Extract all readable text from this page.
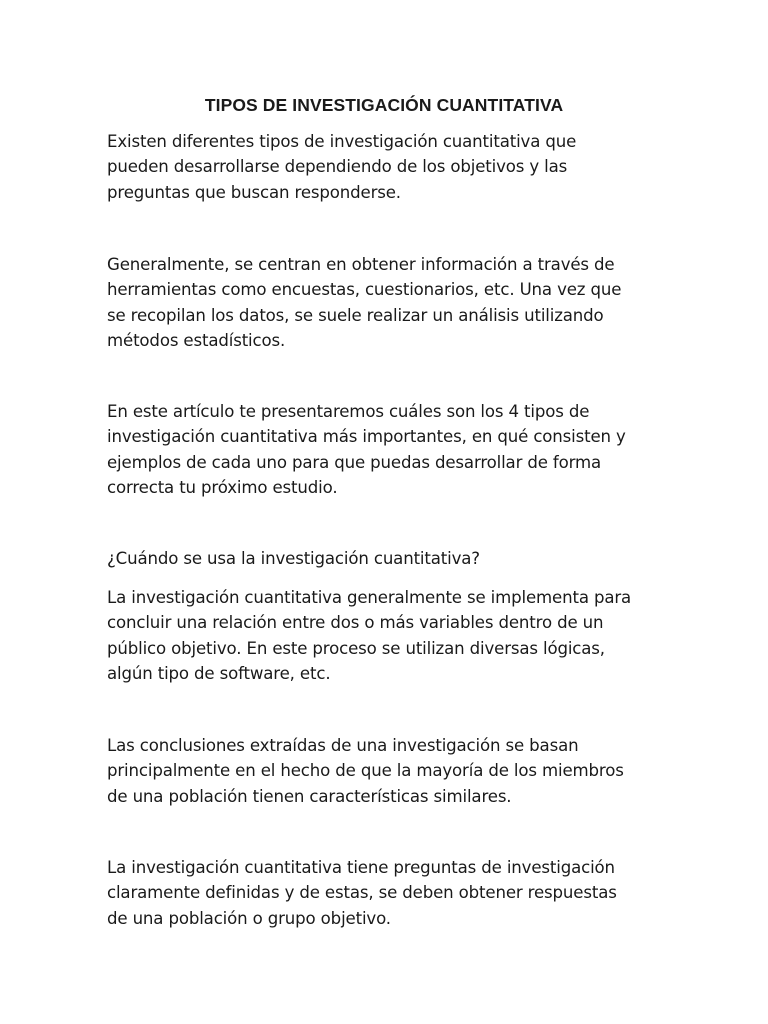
TIPOS DE INVESTIGACIÓN CUANTITATIVA

Existen diferentes tipos de investigación cuantitativa que
pueden desarrollarse dependiendo de los objetivos y las
preguntas que buscan responderse.

Generalmente, se centran en obtener información a través de
herramientas como encuestas, cuestionarios, etc. Una vez que
se recopilan los datos, se suele realizar un análisis utilizando
métodos estadísticos.

En este artículo te presentaremos cuáles son los 4 tipos de
investigación cuantitativa más importantes, en qué consisten y
ejemplos de cada uno para que puedas desarrollar de forma
correcta tu próximo estudio.

¿Cuándo se usa la investigación cuantitativa?

La investigación cuantitativa generalmente se implementa para
concluir una relación entre dos o más variables dentro de un
público objetivo. En este proceso se utilizan diversas lógicas,
algún tipo de software, etc.

Las conclusiones extraídas de una investigación se basan
principalmente en el hecho de que la mayoría de los miembros
de una población tienen características similares.

La investigación cuantitativa tiene preguntas de investigación
claramente definidas y de estas, se deben obtener respuestas
de una población o grupo objetivo.
